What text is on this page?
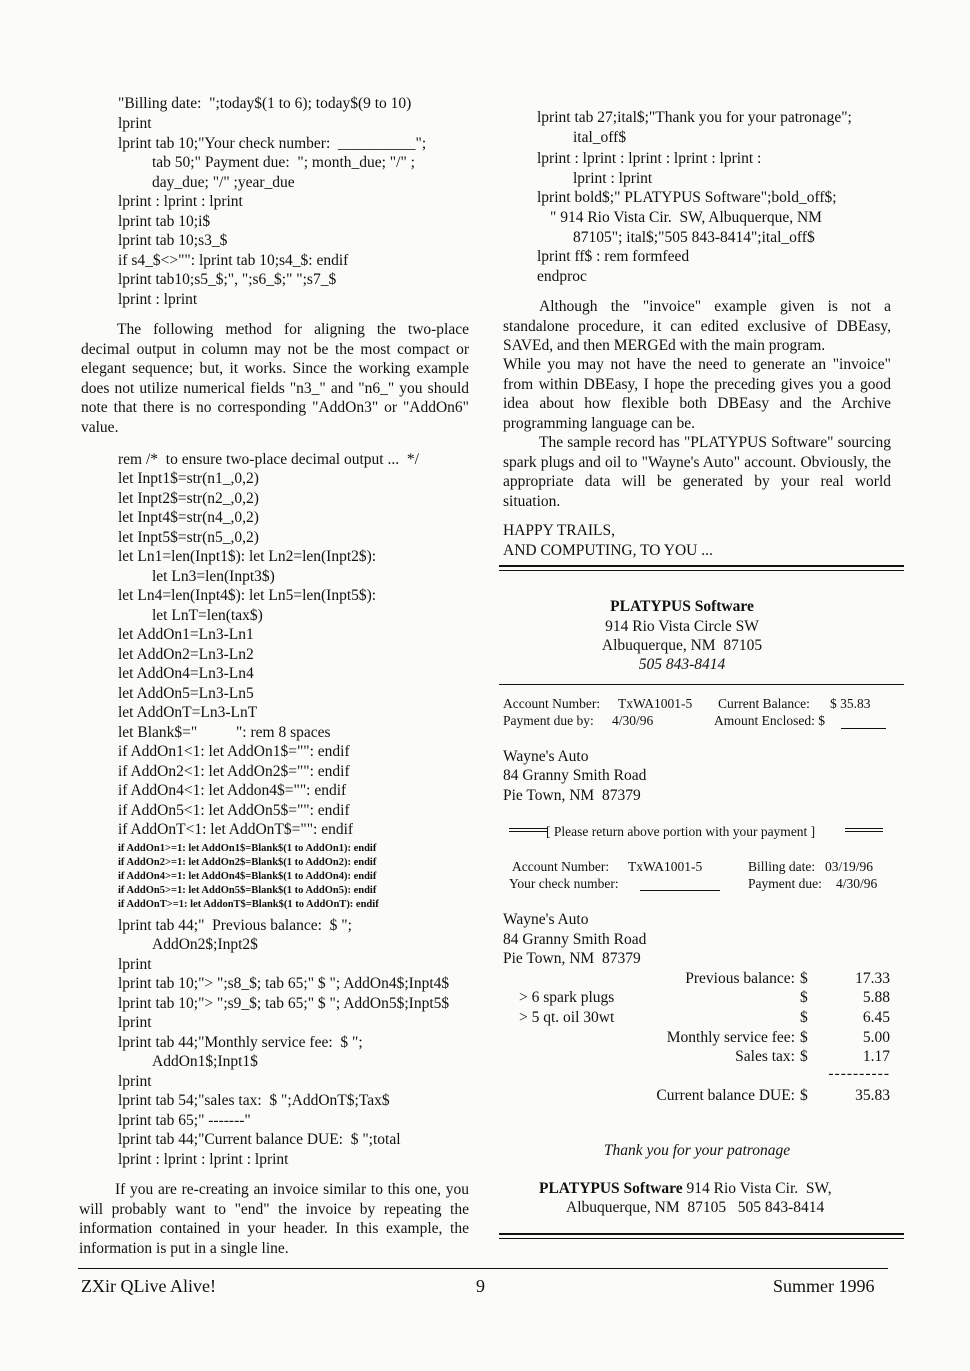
"Billing date:  ";today$(1 to 6); today$(9 to 10)
lprint
lprint tab 10;"Your check number:  __________";
tab 50;" Payment due:  "; month_due; "/" ;
day_due; "/" ;year_due
lprint : lprint : lprint
lprint tab 10;i$
lprint tab 10;s3_$
if s4_$<>"": lprint tab 10;s4_$: endif
lprint tab10;s5_$;", ";s6_$;" ";s7_$
lprint : lprint
The following method for aligning the two-place decimal output in column may not be the most compact or elegant sequence; but, it works. Since the working example does not utilize numerical fields "n3_" and "n6_" you should note that there is no corresponding "AddOn3" or "AddOn6" value.
rem /*  to ensure two-place decimal output ...  */
let Inpt1$=str(n1_,0,2)
let Inpt2$=str(n2_,0,2)
let Inpt4$=str(n4_,0,2)
let Inpt5$=str(n5_,0,2)
let Ln1=len(Inpt1$): let Ln2=len(Inpt2$):
let Ln3=len(Inpt3$)
let Ln4=len(Inpt4$): let Ln5=len(Inpt5$):
let LnT=len(tax$)
let AddOn1=Ln3-Ln1
let AddOn2=Ln3-Ln2
let AddOn4=Ln3-Ln4
let AddOn5=Ln3-Ln5
let AddOnT=Ln3-LnT
let Blank$="          ": rem 8 spaces
if AddOn1<1: let AddOn1$="": endif
if AddOn2<1: let AddOn2$="": endif
if AddOn4<1: let Addon4$="": endif
if AddOn5<1: let AddOn5$="": endif
if AddOnT<1: let AddOnT$="": endif
if AddOn1>=1: let AddOn1$=Blank$(1 to AddOn1): endif
if AddOn2>=1: let AddOn2$=Blank$(1 to AddOn2): endif
if AddOn4>=1: let AddOn4$=Blank$(1 to AddOn4): endif
if AddOn5>=1: let AddOn5$=Blank$(1 to AddOn5): endif
if AddOnT>=1: let AddonT$=Blank$(1 to AddOnT): endif
lprint tab 44;"  Previous balance:  $ ";
AddOn2$;Inpt2$
lprint
lprint tab 10;"> ";s8_$; tab 65;" $ "; AddOn4$;Inpt4$
lprint tab 10;"> ";s9_$; tab 65;" $ "; AddOn5$;Inpt5$
lprint
lprint tab 44;"Monthly service fee:  $ ";
AddOn1$;Inpt1$
lprint
lprint tab 54;"sales tax:  $ ";AddOnT$;Tax$
lprint tab 65;" -------"
lprint tab 44;"Current balance DUE:  $ ";total
lprint : lprint : lprint : lprint
If you are re-creating an invoice similar to this one, you will probably want to "end" the invoice by repeating the information contained in your header. In this example, the information is put in a single line.
lprint tab 27;ital$;"Thank you for your patronage";
ital_off$
lprint : lprint : lprint : lprint : lprint :
lprint : lprint
lprint bold$;" PLATYPUS Software";bold_off$;
" 914 Rio Vista Cir.  SW, Albuquerque, NM
87105"; ital$;"505 843-8414";ital_off$
lprint ff$ : rem formfeed
endproc
Although the "invoice" example given is not a standalone procedure, it can edited exclusive of DBEasy, SAVEd, and then MERGEd with the main program.
While you may not have the need to generate an "invoice" from within DBEasy, I hope the preceding gives you a good idea about how flexible both DBEasy and the Archive programming language can be.
The sample record has "PLATYPUS Software" sourcing spark plugs and oil to "Wayne's Auto" account. Obviously, the appropriate data will be generated by your real world situation.
HAPPY TRAILS,
AND COMPUTING, TO YOU ...
PLATYPUS Software
914 Rio Vista Circle SW
Albuquerque, NM  87105
505 843-8414
Account Number: TxWA1001-5 Current Balance: $ 35.83
Payment due by: 4/30/96	Amount Enclosed: $
Wayne's Auto
84 Granny Smith Road
Pie Town, NM  87379
[ Please return above portion with your payment ]
Account Number: TxWA1001-5	Billing date: 03/19/96
Your check number:	Payment due: 4/30/96
Wayne's Auto
84 Granny Smith Road
Pie Town, NM  87379
Previous balance: $	17.33
> 6 spark plugs	$	5.88
> 5 qt. oil 30wt	$	6.45
Monthly service fee: $	5.00
Sales tax: $	1.17
----------
Current balance DUE: $	35.83
Thank you for your patronage
PLATYPUS Software 914 Rio Vista Cir.  SW,
Albuquerque, NM  87105   505 843-8414
ZXir QLive Alive!	9	Summer 1996
